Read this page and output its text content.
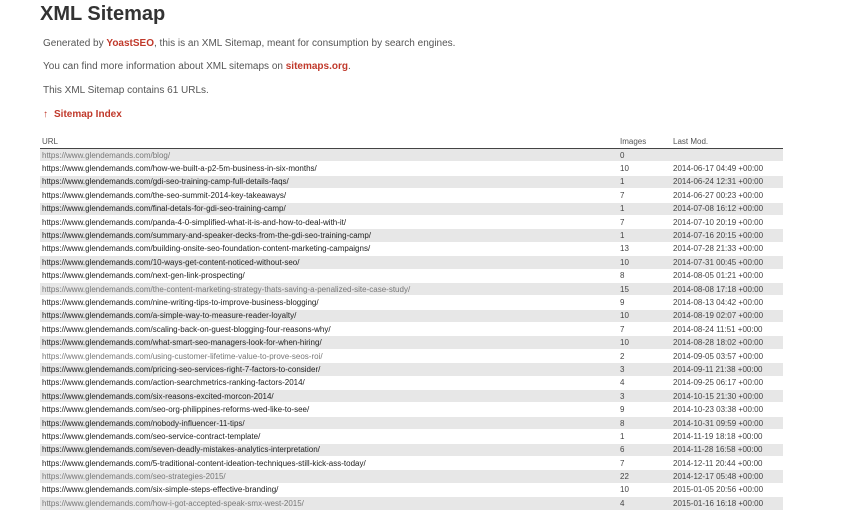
XML Sitemap
Generated by YoastSEO, this is an XML Sitemap, meant for consumption by search engines.
You can find more information about XML sitemaps on sitemaps.org.
This XML Sitemap contains 61 URLs.
↑ Sitemap Index
URL	Images	Last Mod.
https://www.glendemands.com/blog/	0	
https://www.glendemands.com/how-we-built-a-p2-5m-business-in-six-months/	10	2014-06-17 04:49 +00:00
https://www.glendemands.com/gdi-seo-training-camp-full-details-faqs/	1	2014-06-24 12:31 +00:00
https://www.glendemands.com/the-seo-summit-2014-key-takeaways/	7	2014-06-27 00:23 +00:00
https://www.glendemands.com/final-detals-for-gdi-seo-training-camp/	1	2014-07-08 16:12 +00:00
https://www.glendemands.com/panda-4-0-simplified-what-it-is-and-how-to-deal-with-it/	7	2014-07-10 20:19 +00:00
https://www.glendemands.com/summary-and-speaker-decks-from-the-gdi-seo-training-camp/	1	2014-07-16 20:15 +00:00
https://www.glendemands.com/building-onsite-seo-foundation-content-marketing-campaigns/	13	2014-07-28 21:33 +00:00
https://www.glendemands.com/10-ways-get-content-noticed-without-seo/	10	2014-07-31 00:45 +00:00
https://www.glendemands.com/next-gen-link-prospecting/	8	2014-08-05 01:21 +00:00
https://www.glendemands.com/the-content-marketing-strategy-thats-saving-a-penalized-site-case-study/	15	2014-08-08 17:18 +00:00
https://www.glendemands.com/nine-writing-tips-to-improve-business-blogging/	9	2014-08-13 04:42 +00:00
https://www.glendemands.com/a-simple-way-to-measure-reader-loyalty/	10	2014-08-19 02:07 +00:00
https://www.glendemands.com/scaling-back-on-guest-blogging-four-reasons-why/	7	2014-08-24 11:51 +00:00
https://www.glendemands.com/what-smart-seo-managers-look-for-when-hiring/	10	2014-08-28 18:02 +00:00
https://www.glendemands.com/using-customer-lifetime-value-to-prove-seos-roi/	2	2014-09-05 03:57 +00:00
https://www.glendemands.com/pricing-seo-services-right-7-factors-to-consider/	3	2014-09-11 21:38 +00:00
https://www.glendemands.com/action-searchmetrics-ranking-factors-2014/	4	2014-09-25 06:17 +00:00
https://www.glendemands.com/six-reasons-excited-morcon-2014/	3	2014-10-15 21:30 +00:00
https://www.glendemands.com/seo-org-philippines-reforms-wed-like-to-see/	9	2014-10-23 03:38 +00:00
https://www.glendemands.com/nobody-influencer-11-tips/	8	2014-10-31 09:59 +00:00
https://www.glendemands.com/seo-service-contract-template/	1	2014-11-19 18:18 +00:00
https://www.glendemands.com/seven-deadly-mistakes-analytics-interpretation/	6	2014-11-28 16:58 +00:00
https://www.glendemands.com/5-traditional-content-ideation-techniques-still-kick-ass-today/	7	2014-12-11 20:44 +00:00
https://www.glendemands.com/seo-strategies-2015/	22	2014-12-17 05:48 +00:00
https://www.glendemands.com/six-simple-steps-effective-branding/	10	2015-01-05 20:56 +00:00
https://www.glendemands.com/how-i-got-accepted-speak-smx-west-2015/	4	2015-01-16 16:18 +00:00
